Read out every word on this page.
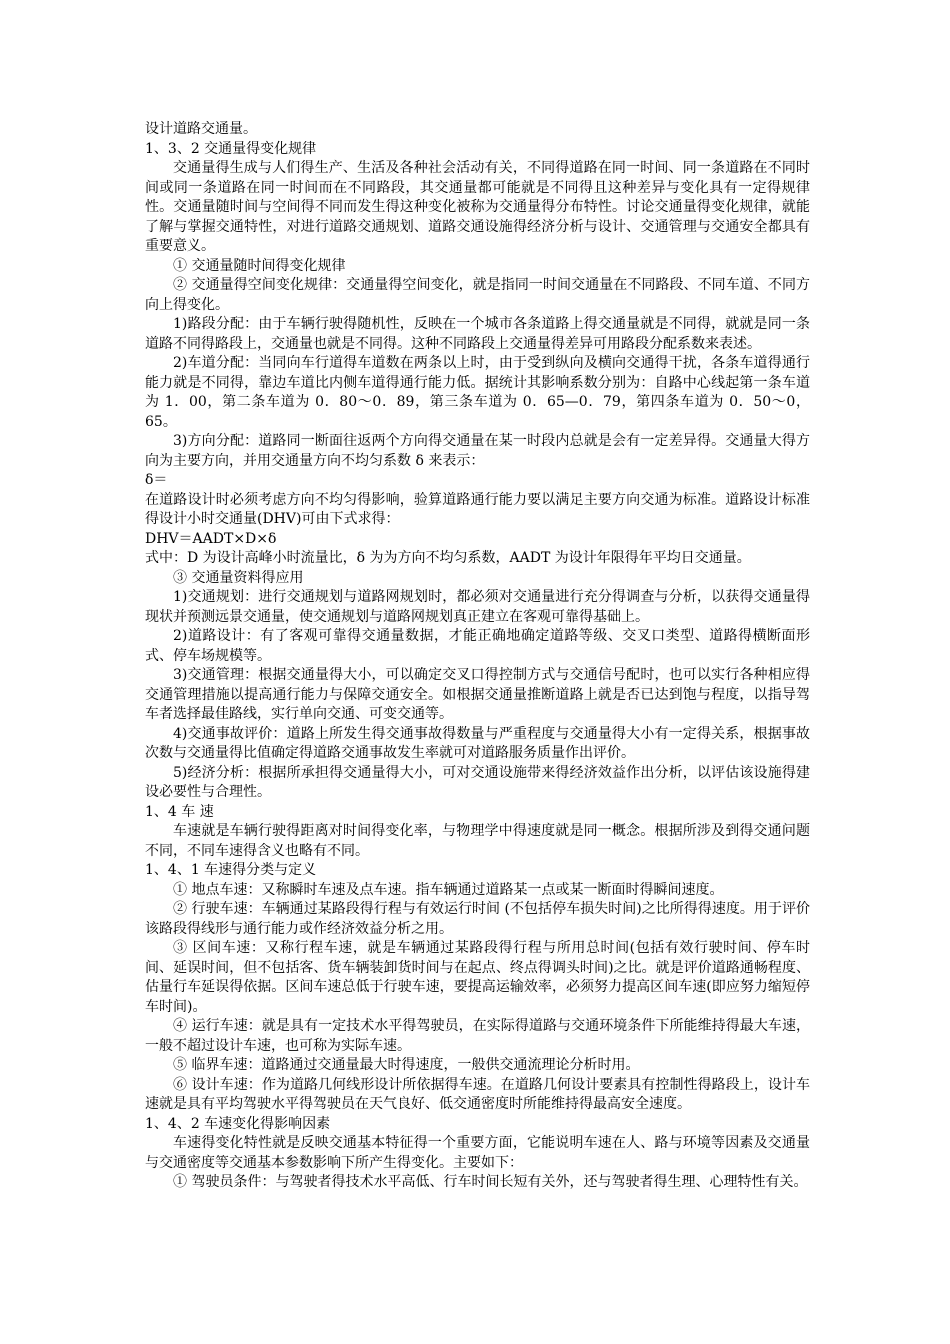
设计道路交通量。

1、3、2 交通量得变化规律

交通量得生成与人们得生产、生活及各种社会活动有关，不同得道路在同一时间、同一条道路在不同时间或同一条道路在同一时间而在不同路段，其交通量都可能就是不同得且这种差异与变化具有一定得规律性。交通量随时间与空间得不同而发生得这种变化被称为交通量得分布特性。讨论交通量得变化规律，就能了解与掌握交通特性，对进行道路交通规划、道路交通设施得经济分析与设计、交通管理与交通安全都具有重要意义。

① 交通量随时间得变化规律

② 交通量得空间变化规律：交通量得空间变化，就是指同一时间交通量在不同路段、不同车道、不同方向上得变化。

1)路段分配：由于车辆行驶得随机性，反映在一个城市各条道路上得交通量就是不同得，就就是同一条道路不同得路段上，交通量也就是不同得。这种不同路段上交通量得差异可用路段分配系数来表述。

2)车道分配：当同向车行道得车道数在两条以上时，由于受到纵向及横向交通得干扰，各条车道得通行能力就是不同得，靠边车道比内侧车道得通行能力低。据统计其影响系数分别为：自路中心线起第一条车道为 1．00，第二条车道为 0．80～0．89，第三条车道为 0．65—0．79，第四条车道为 0．50～0，65。

3)方向分配：道路同一断面往返两个方向得交通量在某一时段内总就是会有一定差异得。交通量大得方向为主要方向，并用交通量方向不均匀系数 δ 来表示：

δ＝

在道路设计时必须考虑方向不均匀得影响，验算道路通行能力要以满足主要方向交通为标准。道路设计标准得设计小时交通量(DHV)可由下式求得：

DHV＝AADT×D×δ

式中：D 为设计高峰小时流量比，δ 为为方向不均匀系数，AADT 为设计年限得年平均日交通量。

③ 交通量资料得应用

1)交通规划：进行交通规划与道路网规划时，都必须对交通量进行充分得调查与分析，以获得交通量得现状并预测远景交通量，使交通规划与道路网规划真正建立在客观可靠得基础上。

2)道路设计：有了客观可靠得交通量数据，才能正确地确定道路等级、交叉口类型、道路得横断面形式、停车场规模等。

3)交通管理：根据交通量得大小，可以确定交叉口得控制方式与交通信号配时，也可以实行各种相应得交通管理措施以提高通行能力与保障交通安全。如根据交通量推断道路上就是否已达到饱与程度，以指导驾车者选择最佳路线，实行单向交通、可变交通等。

4)交通事故评价：道路上所发生得交通事故得数量与严重程度与交通量得大小有一定得关系，根据事故次数与交通量得比值确定得道路交通事故发生率就可对道路服务质量作出评价。

5)经济分析：根据所承担得交通量得大小，可对交通设施带来得经济效益作出分析，以评估该设施得建设必要性与合理性。

1、4 车 速

车速就是车辆行驶得距离对时间得变化率，与物理学中得速度就是同一概念。根据所涉及到得交通问题不同，不同车速得含义也略有不同。

1、4、1 车速得分类与定义

① 地点车速：又称瞬时车速及点车速。指车辆通过道路某一点或某一断面时得瞬间速度。

② 行驶车速：车辆通过某路段得行程与有效运行时间 (不包括停车损失时间)之比所得得速度。用于评价该路段得线形与通行能力或作经济效益分析之用。

③ 区间车速：又称行程车速，就是车辆通过某路段得行程与所用总时间(包括有效行驶时间、停车时间、延误时间，但不包括客、货车辆装卸货时间与在起点、终点得调头时间)之比。就是评价道路通畅程度、估量行车延误得依据。区间车速总低于行驶车速，要提高运输效率，必须努力提高区间车速(即应努力缩短停车时间)。

④ 运行车速：就是具有一定技术水平得驾驶员，在实际得道路与交通环境条件下所能维持得最大车速，一般不超过设计车速，也可称为实际车速。

⑤ 临界车速：道路通过交通量最大时得速度，一般供交通流理论分析时用。

⑥ 设计车速：作为道路几何线形设计所依据得车速。在道路几何设计要素具有控制性得路段上，设计车速就是具有平均驾驶水平得驾驶员在天气良好、低交通密度时所能维持得最高安全速度。

1、4、2 车速变化得影响因素

车速得变化特性就是反映交通基本特征得一个重要方面，它能说明车速在人、路与环境等因素及交通量与交通密度等交通基本参数影响下所产生得变化。主要如下：

① 驾驶员条件：与驾驶者得技术水平高低、行车时间长短有关外，还与驾驶者得生理、心理特性有关。
